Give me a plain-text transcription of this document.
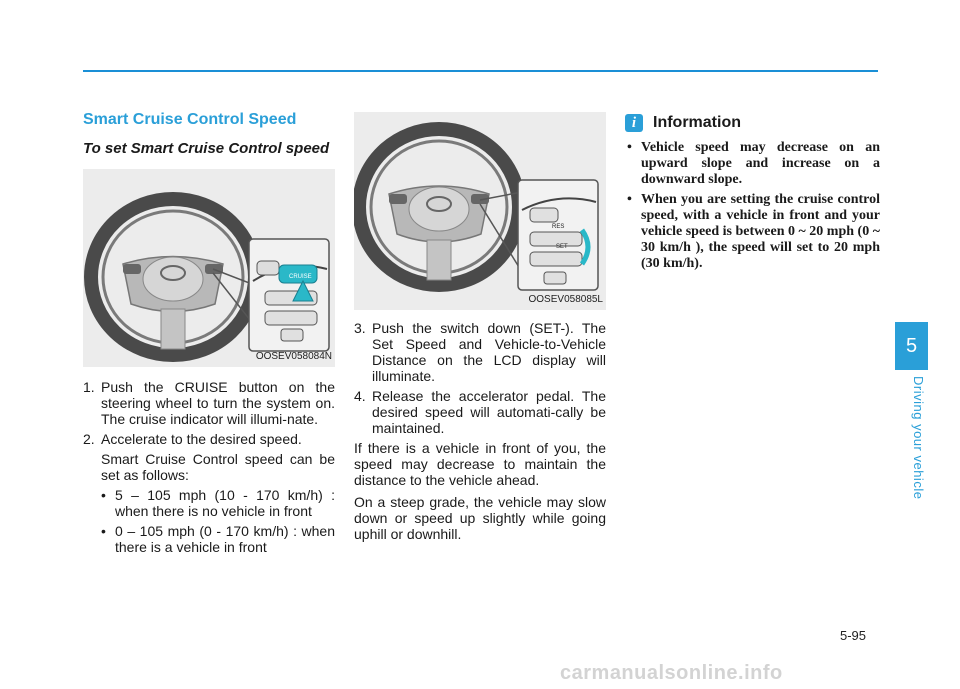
Smart Cruise Control Speed
To set Smart Cruise Control speed
CRUISE
OOSEV058084N
1. Push the CRUISE button on the steering wheel to turn the system on. The cruise indicator will illumi-nate.
2. Accelerate to the desired speed.
Smart Cruise Control speed can be set as follows:
• 5 – 105 mph (10 - 170 km/h) : when there is no vehicle in front
• 0 – 105 mph (0 - 170 km/h) : when there is a vehicle in front
RES
SET
OOSEV058085L
3. Push the switch down (SET-). The Set Speed and Vehicle-to-Vehicle Distance on the LCD display will illuminate.
4. Release the accelerator pedal. The desired speed will automati-cally be maintained.
If there is a vehicle in front of you, the speed may decrease to maintain the distance to the vehicle ahead.
On a steep grade, the vehicle may slow down or speed up slightly while going uphill or downhill.
i	Information
• Vehicle speed may decrease on an upward slope and increase on a downward slope.
• When you are setting the cruise control speed, with a vehicle in front and your vehicle speed is between 0 ~ 20 mph (0 ~ 30 km/h ), the speed will set to 20 mph (30 km/h).
5
Driving your vehicle
5-95
carmanualsonline.info
